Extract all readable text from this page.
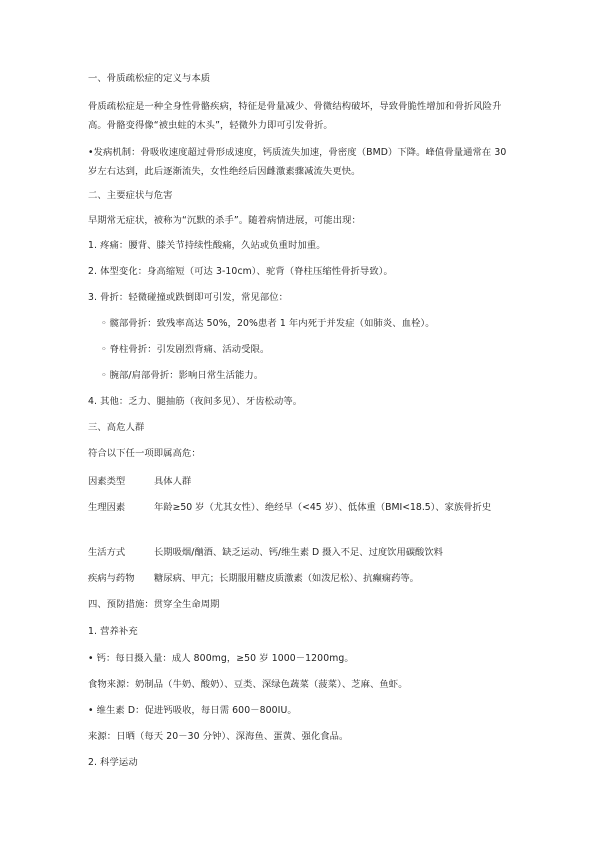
一、骨质疏松症的定义与本质
骨质疏松症是一种全身性骨骼疾病，特征是骨量减少、骨微结构破坏，导致骨脆性增加和骨折风险升高。骨骼变得像“被虫蛀的木头”，轻微外力即可引发骨折。
•发病机制：骨吸收速度超过骨形成速度，钙质流失加速，骨密度（BMD）下降。峰值骨量通常在 30 岁左右达到，此后逐渐流失，女性绝经后因雌激素骤减流失更快。
二、主要症状与危害
早期常无症状，被称为“沉默的杀手”。随着病情进展，可能出现：
1. 疼痛：腰背、膝关节持续性酸痛，久站或负重时加重。
2. 体型变化：身高缩短（可达 3-10cm）、驼背（脊柱压缩性骨折导致）。
3. 骨折：轻微碰撞或跌倒即可引发，常见部位：
◦ 髋部骨折：致残率高达 50%，20%患者 1 年内死于并发症（如肺炎、血栓）。
◦ 脊柱骨折：引发剧烈背痛、活动受限。
◦ 腕部/肩部骨折：影响日常生活能力。
4. 其他：乏力、腿抽筋（夜间多见）、牙齿松动等。
三、高危人群
符合以下任一项即属高危：
因素类型	具体人群
生理因素	年龄≥50 岁（尤其女性）、绝经早（<45 岁）、低体重（BMI<18.5）、家族骨折史
生活方式	长期吸烟/酗酒、缺乏运动、钙/维生素 D 摄入不足、过度饮用碳酸饮料
疾病与药物	糖尿病、甲亢；长期服用糖皮质激素（如泼尼松）、抗癫痫药等。
四、预防措施：贯穿全生命周期
1. 营养补充
• 钙：每日摄入量：成人 800mg，≥50 岁 1000－1200mg。
食物来源：奶制品（牛奶、酸奶）、豆类、深绿色蔬菜（菠菜）、芝麻、鱼虾。
• 维生素 D：促进钙吸收，每日需 600－800IU。
来源：日晒（每天 20－30 分钟）、深海鱼、蛋黄、强化食品。
2. 科学运动
